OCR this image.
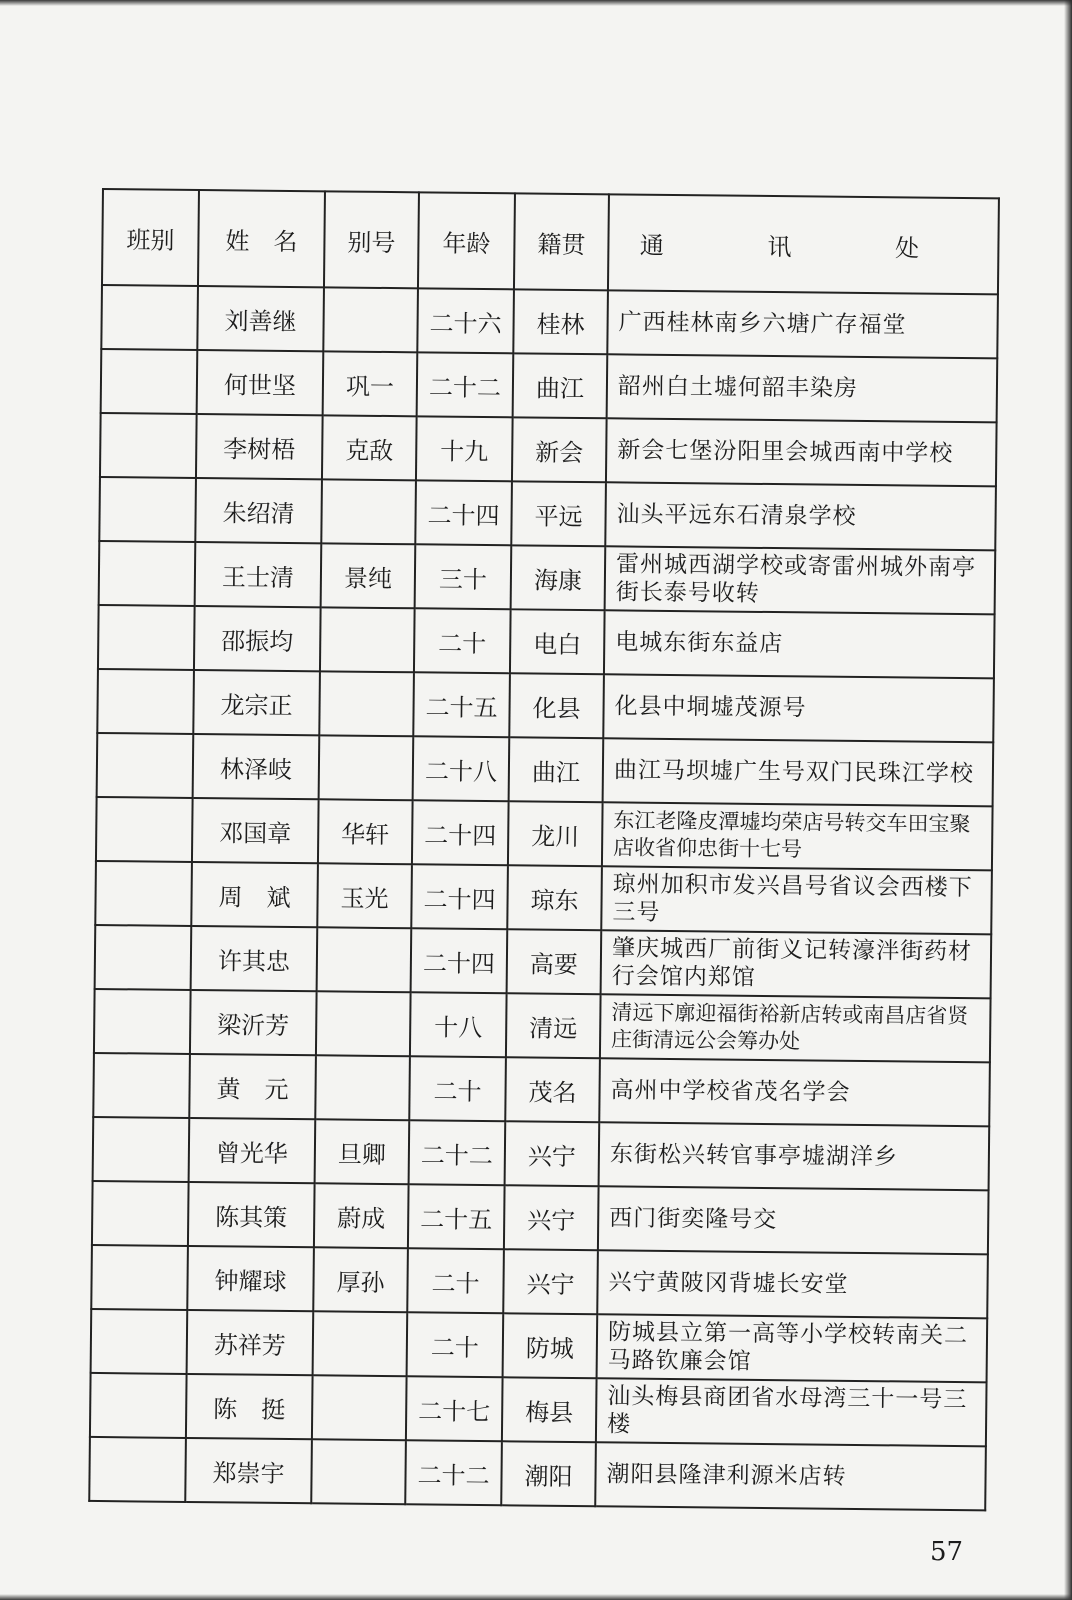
班别	姓　名	别号	年龄	籍贯	通 讯 处
	刘善继		二十六	桂林	广西桂林南乡六塘广存福堂
	何世坚	巩一	二十二	曲江	韶州白土墟何韶丰染房
	李树梧	克敌	十九	新会	新会七堡汾阳里会城西南中学校
	朱绍清		二十四	平远	汕头平远东石清泉学校
	王士清	景纯	三十	海康	雷州城西湖学校或寄雷州城外南亭街长泰号收转
	邵振均		二十	电白	电城东街东益店
	龙宗正		二十五	化县	化县中垌墟茂源号
	林泽岐		二十八	曲江	曲江马坝墟广生号双门民珠江学校
	邓国章	华轩	二十四	龙川	东江老隆皮潭墟均荣店号转交车田宝聚店收省仰忠街十七号
	周　斌	玉光	二十四	琼东	琼州加积市发兴昌号省议会西楼下三号
	许其忠		二十四	高要	肇庆城西厂前街义记转濠泮街药材行会馆内郑馆
	梁沂芳		十八	清远	清远下廓迎福街裕新店转或南昌店省贤庄街清远公会筹办处
	黄　元		二十	茂名	高州中学校省茂名学会
	曾光华	旦卿	二十二	兴宁	东街松兴转官事亭墟湖洋乡
	陈其策	蔚成	二十五	兴宁	西门街奕隆号交
	钟耀球	厚孙	二十	兴宁	兴宁黄陂冈背墟长安堂
	苏祥芳		二十	防城	防城县立第一高等小学校转南关二马路钦廉会馆
	陈　挺		二十七	梅县	汕头梅县商团省水母湾三十一号三楼
	郑崇宇		二十二	潮阳	潮阳县隆津利源米店转
57
